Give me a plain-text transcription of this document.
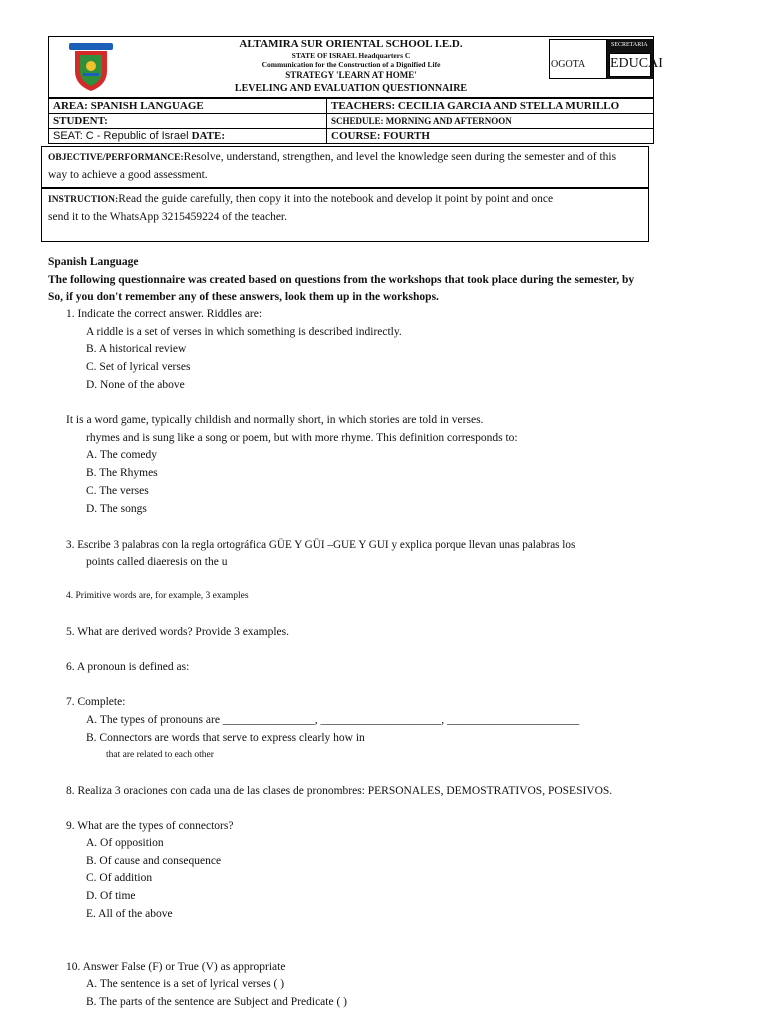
ALTAMIRA SUR ORIENTAL SCHOOL I.E.D.
STATE OF ISRAEL Headquarters C
Communication for the Construction of a Dignified Life
STRATEGY 'LEARN AT HOME'
LEVELING AND EVALUATION QUESTIONNAIRE
OGOTA
SECRETARIA
EDUCAI
AREA: SPANISH LANGUAGE	TEACHERS: CECILIA GARCIA AND STELLA MURILLO
STUDENT:	SCHEDULE: MORNING AND AFTERNOON
SEAT: C - Republic of Israel DATE:	COURSE: FOURTH
OBJECTIVE/PERFORMANCE:Resolve, understand, strengthen, and level the knowledge seen during the semester and of this
way to achieve a good assessment.
INSTRUCTION:Read the guide carefully, then copy it into the notebook and develop it point by point and once
send it to the WhatsApp 3215459224 of the teacher.
Spanish Language
The following questionnaire was created based on questions from the workshops that took place during the semester, by
So, if you don't remember any of these answers, look them up in the workshops.
1. Indicate the correct answer. Riddles are:
A riddle is a set of verses in which something is described indirectly.
B. A historical review
C. Set of lyrical verses
D. None of the above
It is a word game, typically childish and normally short, in which stories are told in verses.
rhymes and is sung like a song or poem, but with more rhyme. This definition corresponds to:
A. The comedy
B. The Rhymes
C. The verses
D. The songs
3. Escribe 3 palabras con la regla ortográfica GÜE Y GÜI –GUE Y GUI y explica porque llevan unas palabras los
points called diaeresis on the u
4. Primitive words are, for example, 3 examples
5. What are derived words? Provide 3 examples.
6. A pronoun is defined as:
7. Complete:
A. The types of pronouns are ________________, _____________________, _______________________
B. Connectors are words that serve to express clearly how in
that are related to each other
8. Realiza 3 oraciones con cada una de las clases de pronombres: PERSONALES, DEMOSTRATIVOS, POSESIVOS.
9. What are the types of connectors?
A. Of opposition
B. Of cause and consequence
C. Of addition
D. Of time
E. All of the above
10. Answer False (F) or True (V) as appropriate
A. The sentence is a set of lyrical verses ( )
B. The parts of the sentence are Subject and Predicate ( )
